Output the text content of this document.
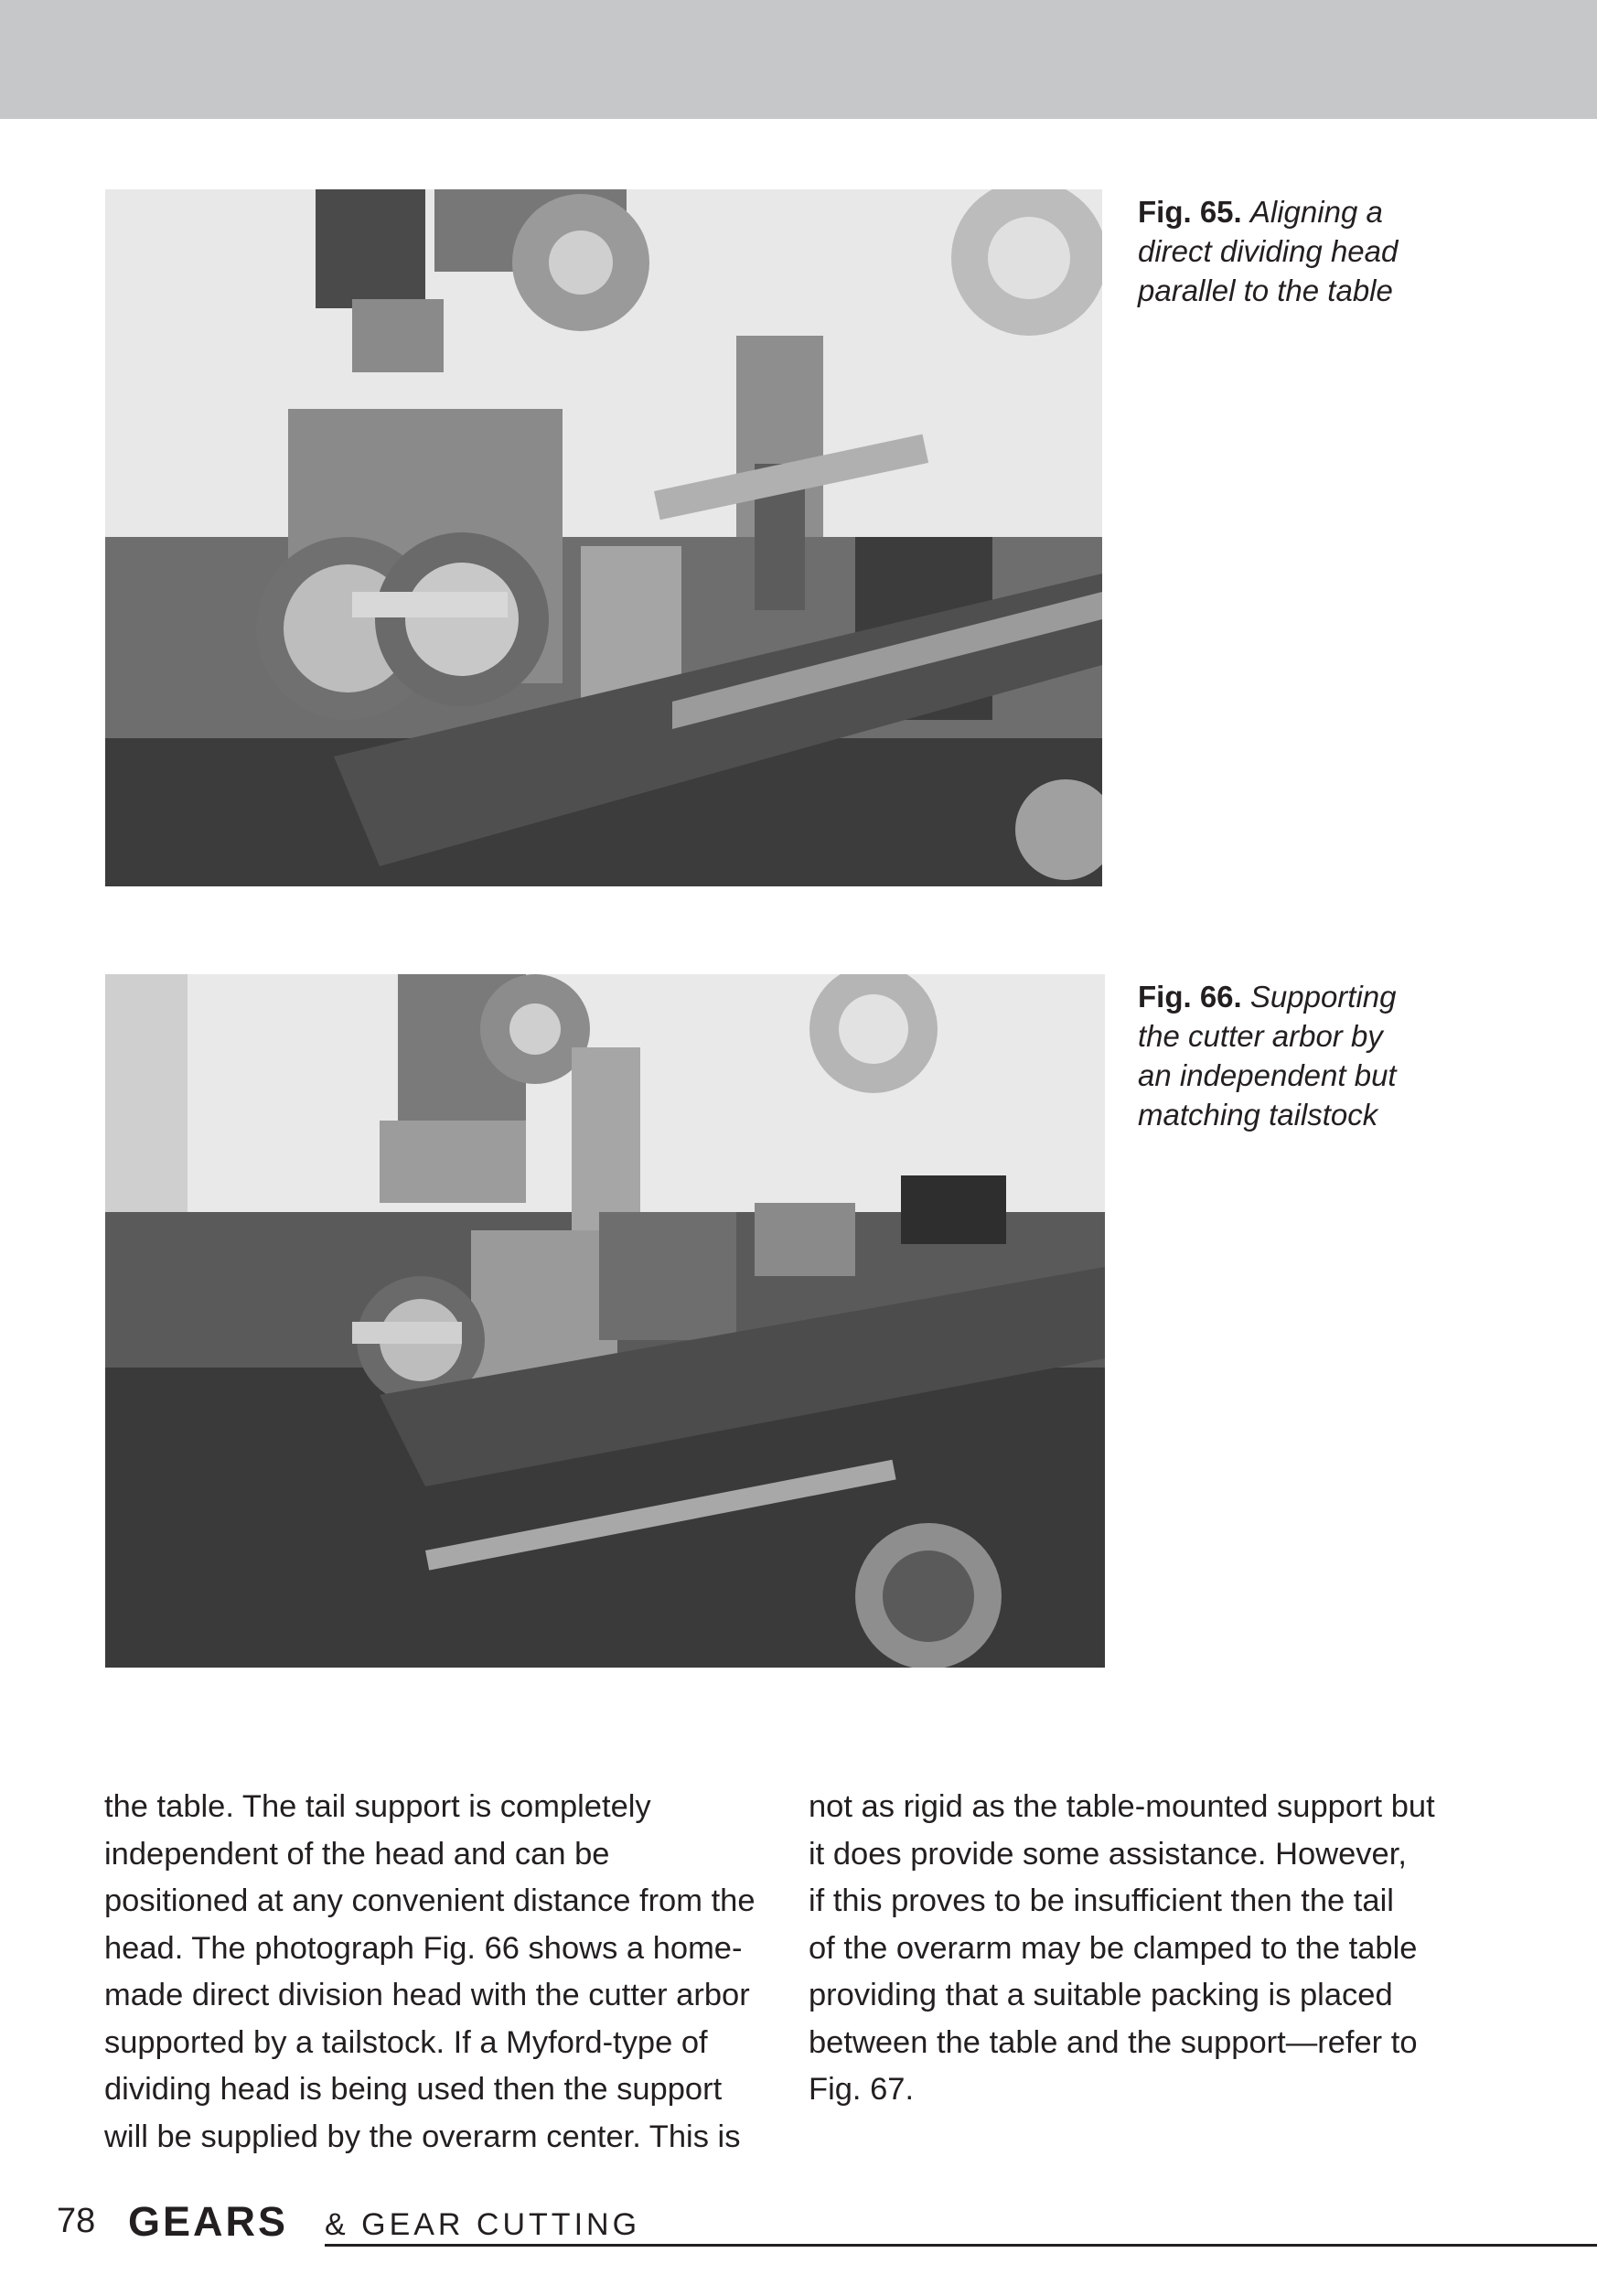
Fig. 65. Aligning a
direct dividing head
parallel to the table
Fig. 66. Supporting
the cutter arbor by
an independent but
matching tailstock
the table. The tail support is completely
independent of the head and can be
positioned at any convenient distance from the
head. The photograph Fig. 66 shows a home-
made direct division head with the cutter arbor
supported by a tailstock. If a Myford-type of
dividing head is being used then the support
will be supplied by the overarm center. This is
not as rigid as the table-mounted support but
it does provide some assistance. However,
if this proves to be insufficient then the tail
of the overarm may be clamped to the table
providing that a suitable packing is placed
between the table and the support—refer to
Fig. 67.
78 GEARS & GEAR CUTTING
